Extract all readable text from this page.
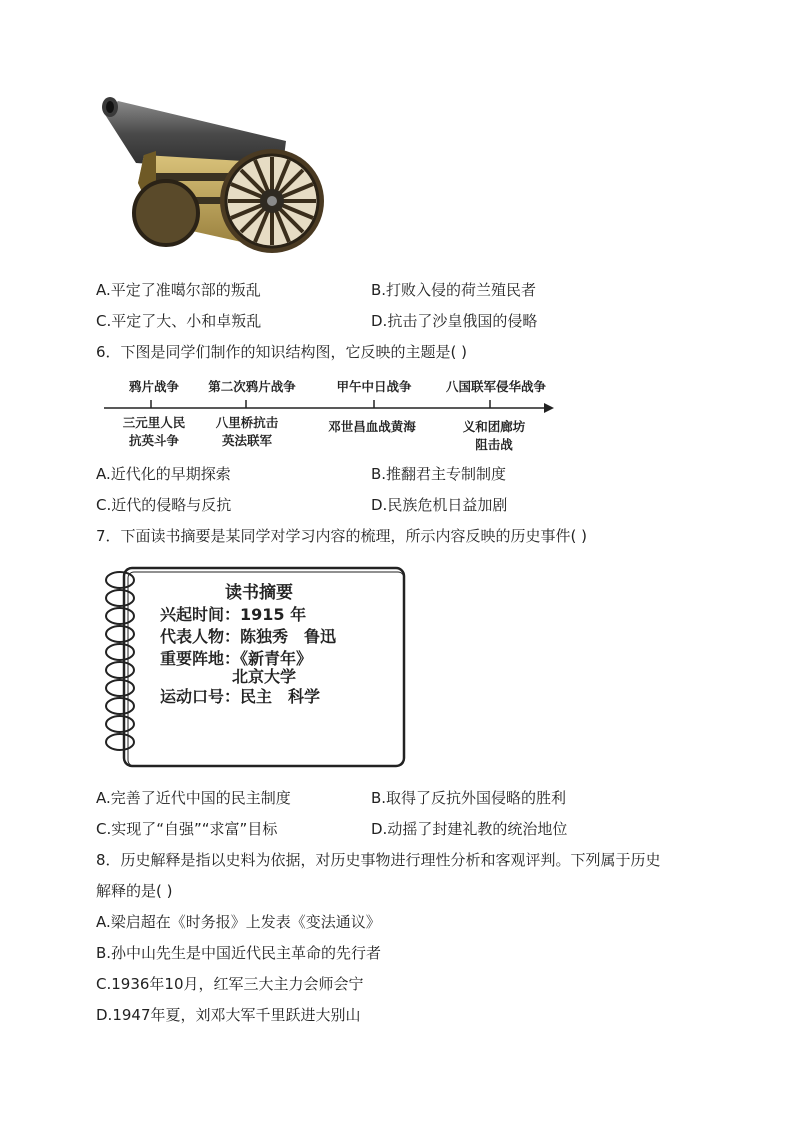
A.平定了准噶尔部的叛乱	B.打败入侵的荷兰殖民者
C.平定了大、小和卓叛乱	D.抗击了沙皇俄国的侵略
6．下图是同学们制作的知识结构图，它反映的主题是( )
鸦片战争 第二次鸦片战争	甲午中日战争	八国联军侵华战争
三元里人民
抗英斗争
八里桥抗击
英法联军
邓世昌血战黄海	义和团廊坊
阻击战
A.近代化的早期探索	B.推翻君主专制制度
C.近代的侵略与反抗	D.民族危机日益加剧
7．下面读书摘要是某同学对学习内容的梳理，所示内容反映的历史事件( )
读书摘要
兴起时间：1915 年
代表人物：陈独秀　鲁迅
重要阵地：《新青年》
北京大学
运动口号：民主　科学
A.完善了近代中国的民主制度	B.取得了反抗外国侵略的胜利
C.实现了“自强”“求富”目标	D.动摇了封建礼教的统治地位
8．历史解释是指以史料为依据，对历史事物进行理性分析和客观评判。下列属于历史
解释的是( )
A.梁启超在《时务报》上发表《变法通议》
B.孙中山先生是中国近代民主革命的先行者
C.1936年10月，红军三大主力会师会宁
D.1947年夏，刘邓大军千里跃进大别山
